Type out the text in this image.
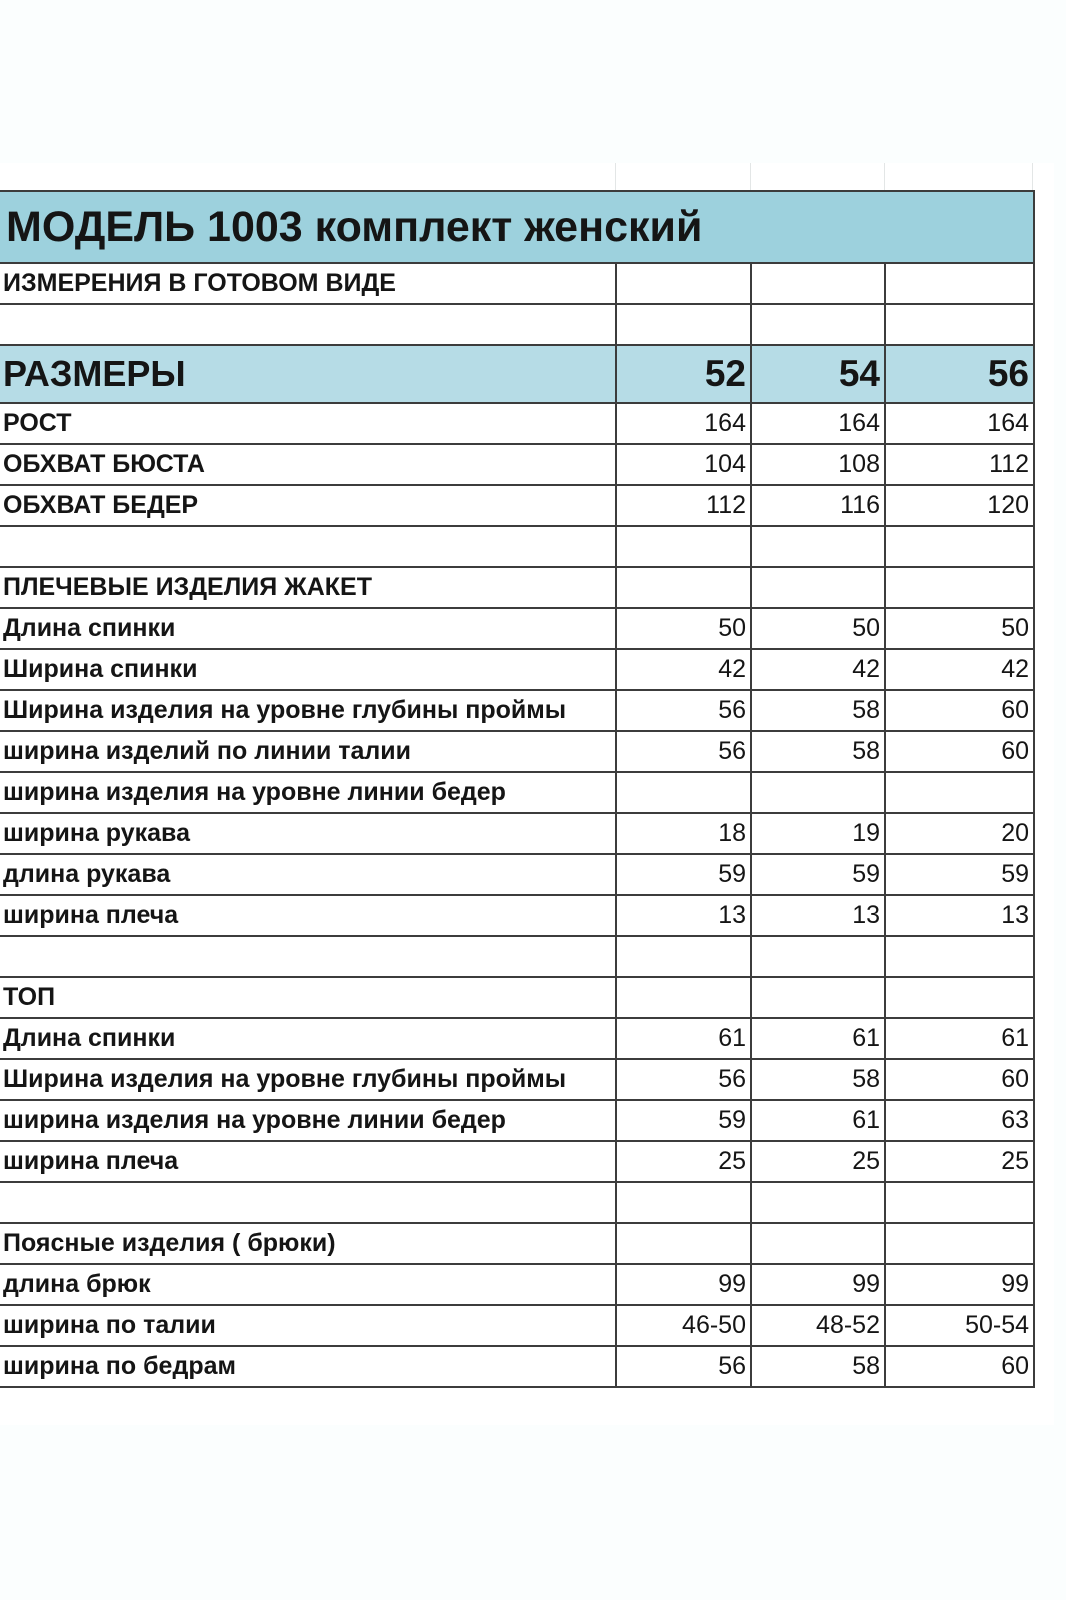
МОДЕЛЬ 1003 комплект женский				
ИЗМЕРЕНИЯ В ГОТОВОМ ВИДЕ				

РАЗМЕРЫ	52	54	56	
РОСТ	164	164	164	
ОБХВАТ БЮСТА	104	108	112	
ОБХВАТ БЕДЕР	112	116	120	

ПЛЕЧЕВЫЕ ИЗДЕЛИЯ ЖАКЕТ				
Длина спинки	50	50	50	
Ширина спинки	42	42	42	
Ширина изделия на уровне глубины проймы	56	58	60	
ширина изделий по линии талии	56	58	60	
ширина изделия на уровне линии бедер				
ширина рукава	18	19	20	
длина рукава	59	59	59	
ширина плеча	13	13	13	

ТОП				
Длина спинки	61	61	61	
Ширина изделия на уровне глубины проймы	56	58	60	
ширина изделия на уровне линии бедер	59	61	63	
ширина плеча	25	25	25	

Поясные изделия ( брюки)				
длина брюк	99	99	99	
ширина по талии	46-50	48-52	50-54	
ширина по бедрам	56	58	60	
